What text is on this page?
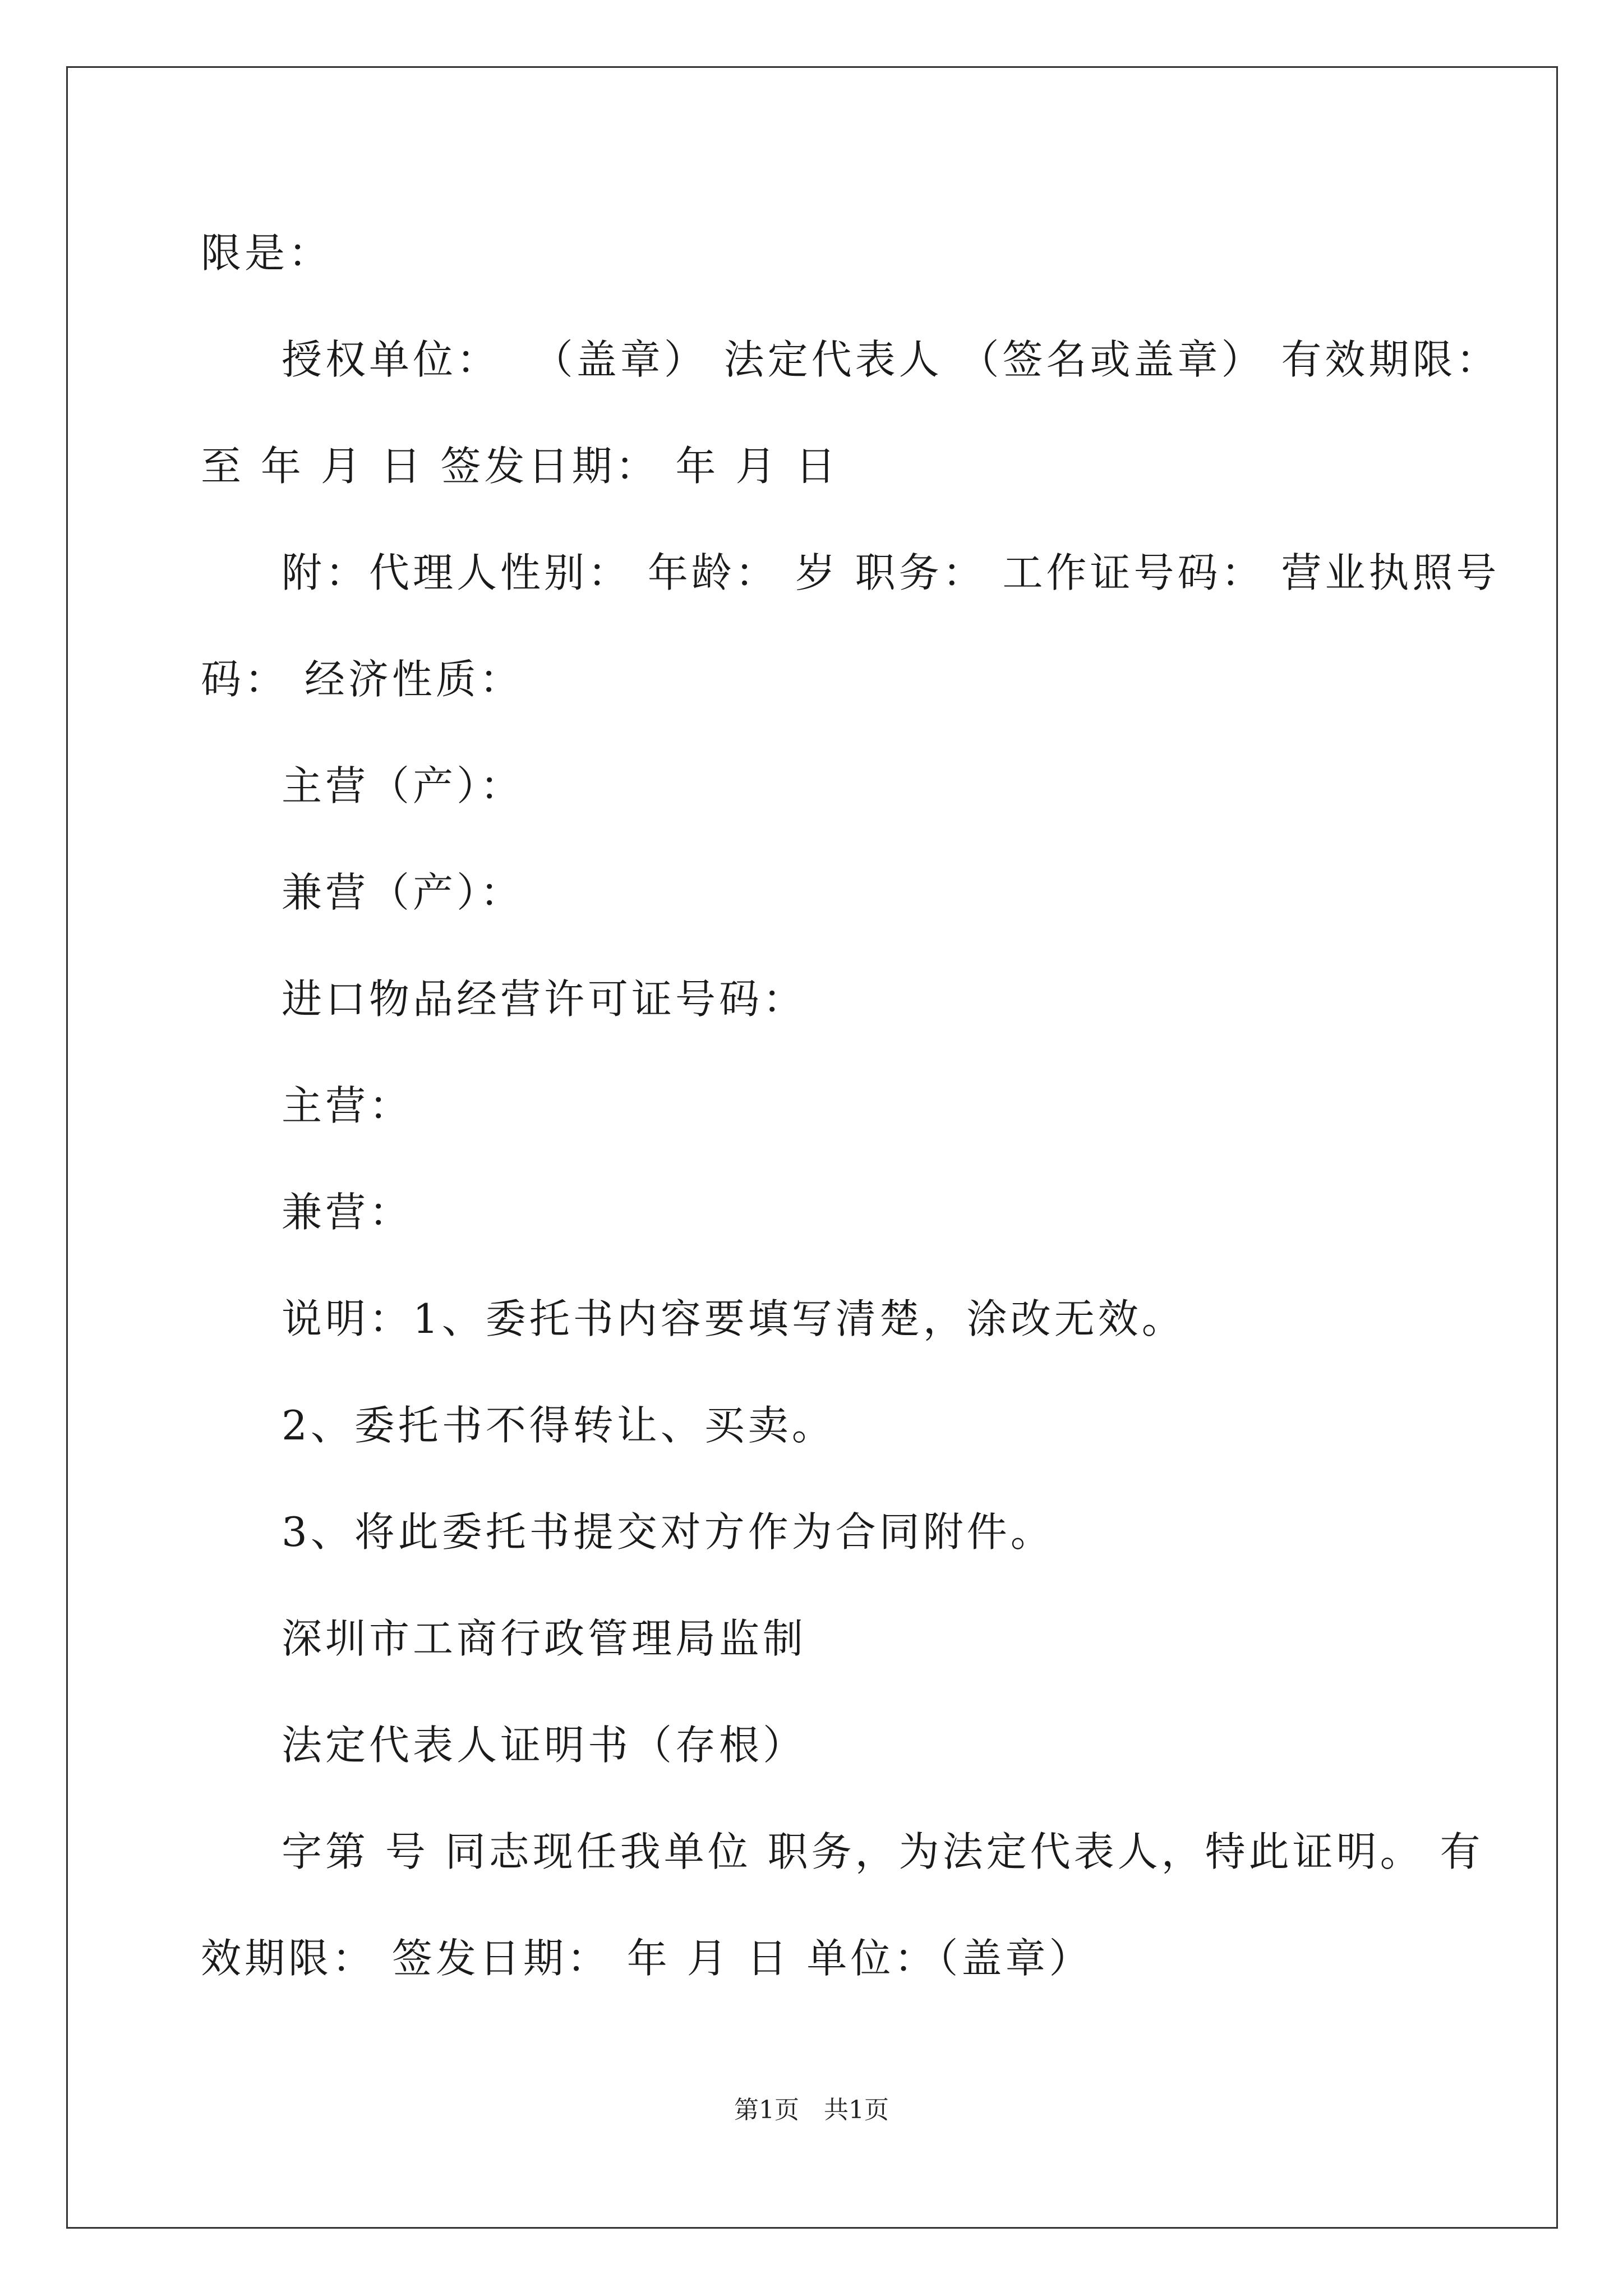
限是：
授权单位：  （盖章） 法定代表人 （签名或盖章） 有效期限：
至 年 月 日 签发日期： 年 月 日
附：代理人性别： 年龄： 岁 职务： 工作证号码： 营业执照号
码： 经济性质：
主营（产）：
兼营（产）：
进口物品经营许可证号码：
主营：
兼营：
说明：1、委托书内容要填写清楚，涂改无效。
2、委托书不得转让、买卖。
3、将此委托书提交对方作为合同附件。
深圳市工商行政管理局监制
法定代表人证明书（存根）
字第 号 同志现任我单位 职务，为法定代表人，特此证明。 有
效期限： 签发日期： 年 月 日 单位：（盖章）
第1页　共1页
